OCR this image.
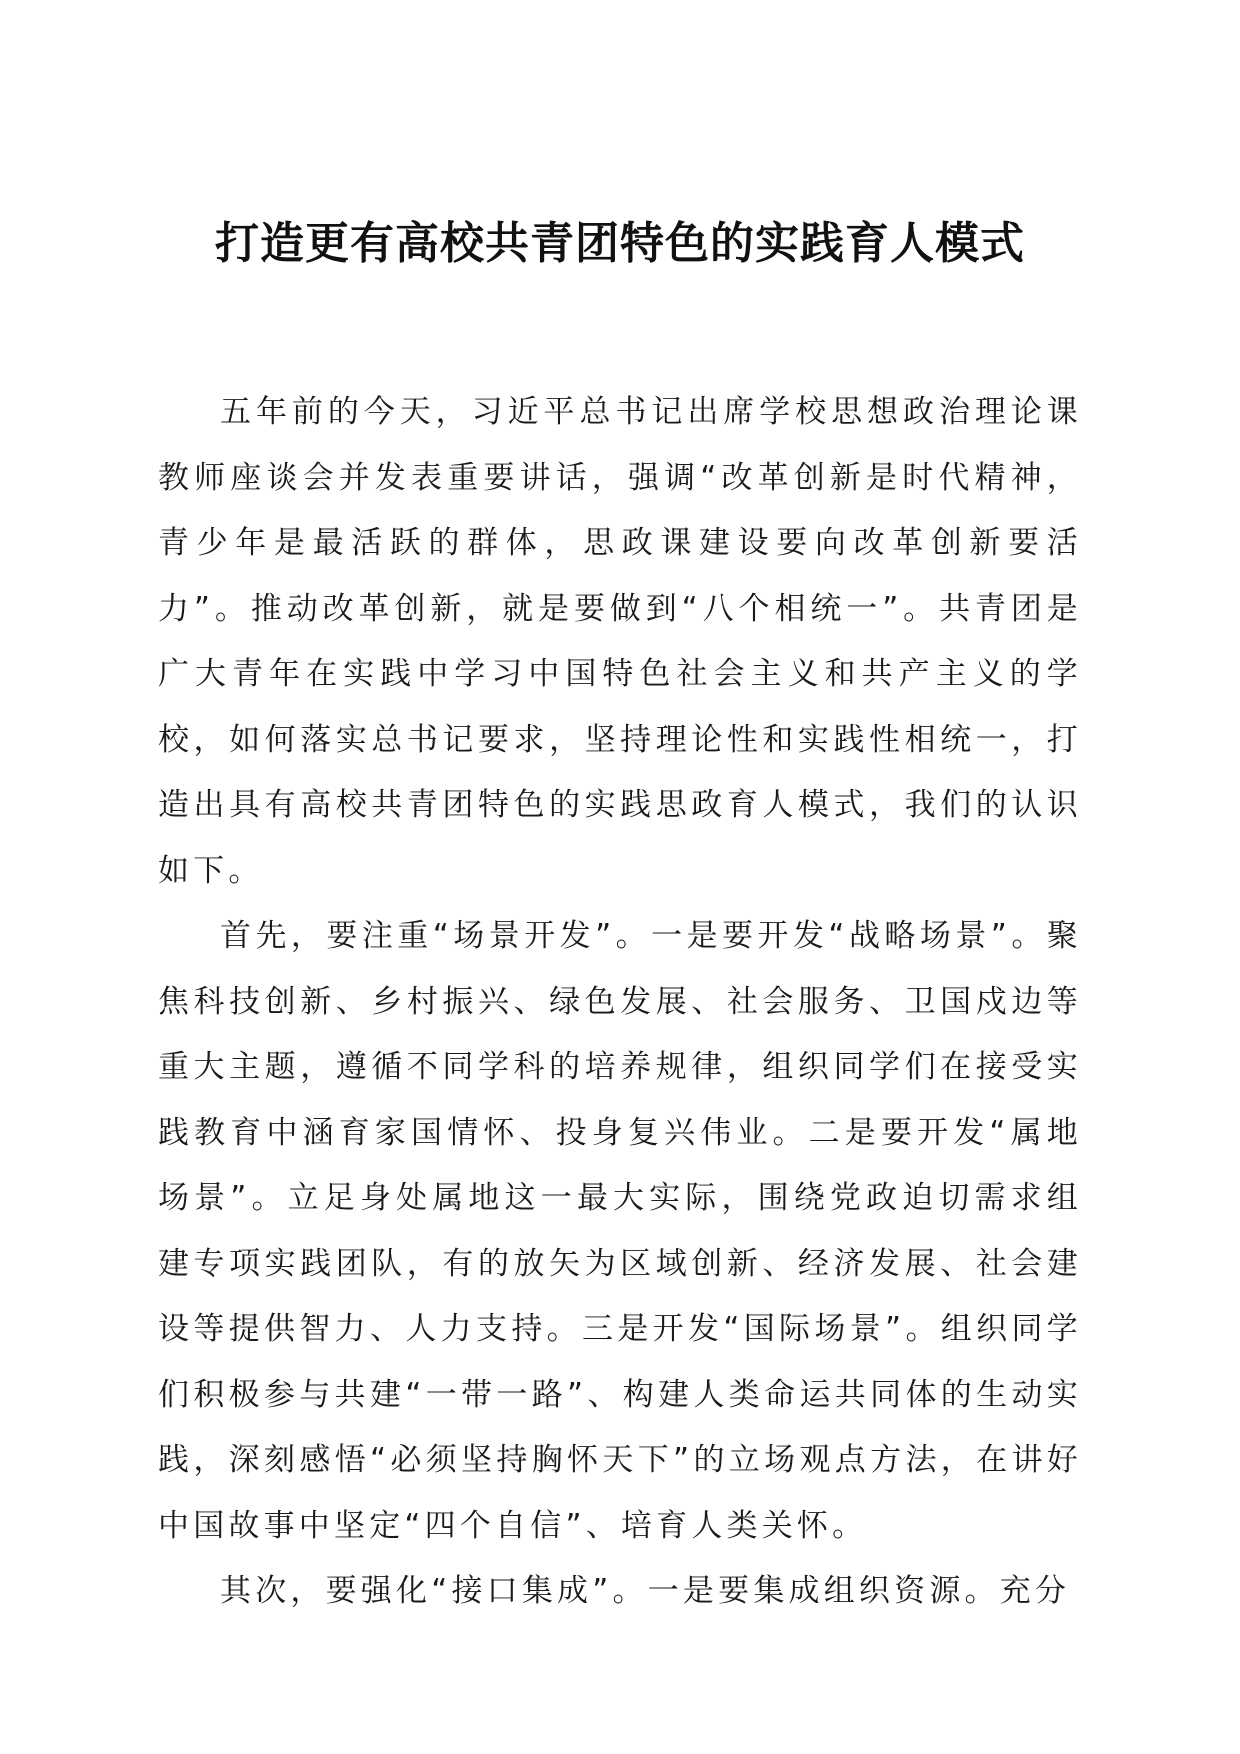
打造更有高校共青团特色的实践育人模式

五年前的今天，习近平总书记出席学校思想政治理论课教师座谈会并发表重要讲话，强调“改革创新是时代精神，青少年是最活跃的群体，思政课建设要向改革创新要活力”。推动改革创新，就是要做到“八个相统一”。共青团是广大青年在实践中学习中国特色社会主义和共产主义的学校，如何落实总书记要求，坚持理论性和实践性相统一，打造出具有高校共青团特色的实践思政育人模式，我们的认识如下。

首先，要注重“场景开发”。一是要开发“战略场景”。聚焦科技创新、乡村振兴、绿色发展、社会服务、卫国戍边等重大主题，遵循不同学科的培养规律，组织同学们在接受实践教育中涵育家国情怀、投身复兴伟业。二是要开发“属地场景”。立足身处属地这一最大实际，围绕党政迫切需求组建专项实践团队，有的放矢为区域创新、经济发展、社会建设等提供智力、人力支持。三是开发“国际场景”。组织同学们积极参与共建“一带一路”、构建人类命运共同体的生动实践，深刻感悟“必须坚持胸怀天下”的立场观点方法，在讲好中国故事中坚定“四个自信”、培育人类关怀。

其次，要强化“接口集成”。一是要集成组织资源。充分
